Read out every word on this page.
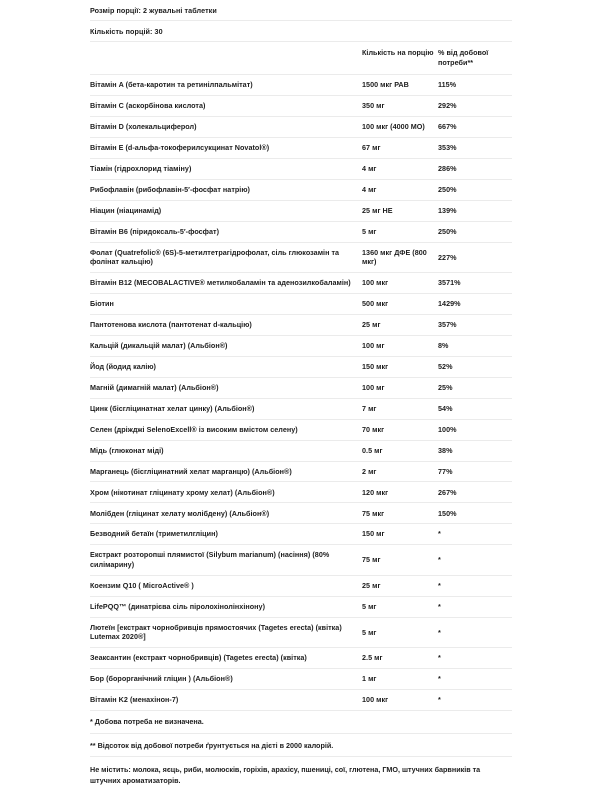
Розмір порції: 2 жувальні таблетки
Кількість порцій: 30
	Кількість на порцію	% від добової потреби**
Вітамін A (бета-каротин та ретинілпальмітат)	1500 мкг РАВ	115%
Вітамін C (аскорбінова кислота)	350 мг	292%
Вітамін D (холекальциферол)	100 мкг (4000 МО)	667%
Вітамін Е (d-альфа-токоферилсукцинат Novatol®)	67 мг	353%
Тіамін (гідрохлорид тіаміну)	4 мг	286%
Рибофлавін (рибофлавін-5′-фосфат натрію)	4 мг	250%
Ніацин (ніацинамід)	25 мг НЕ	139%
Вітамін B6 (піридоксаль-5′-фосфат)	5 мг	250%
Фолат (Quatrefolic® (6S)-5-метилтетрагідрофолат, сіль глюкозамін та фолінат кальцію)	1360 мкг ДФЕ (800 мкг)	227%
Вітамін B12 (MECOBALACTIVE® метилкобаламін та аденозилкобаламін)	100 мкг	3571%
Біотин	500 мкг	1429%
Пантотенова кислота (пантотенат d-кальцію)	25 мг	357%
Кальцій (дикальцій малат) (Альбіон®)	100 мг	8%
Йод (йодид калію)	150 мкг	52%
Магній (димагній малат) (Альбіон®)	100 мг	25%
Цинк (бісгліцинатнат хелат цинку) (Альбіон®)	7 мг	54%
Селен (дріжджі SelenoExcell® із високим вмістом селену)	70 мкг	100%
Мідь (глюконат міді)	0.5 мг	38%
Марганець (бісгліцинатний хелат марганцю) (Альбіон®)	2 мг	77%
Хром (нікотинат гліцинату хрому хелат) (Альбіон®)	120 мкг	267%
Молібден (гліцинат хелату молібдену) (Альбіон®)	75 мкг	150%
Безводний бетаїн (триметилгліцин)	150 мг	*
Екстракт розторопші плямистої (Silybum marianum) (насіння) (80% силімарину)	75 мг	*
Коензим Q10 ( MicroActive® )	25 мг	*
LifePQQ™ (динатрієва сіль піролохінолінхінону)	5 мг	*
Лютеїн [екстракт чорнобривців прямостоячих (Tagetes erecta) (квітка) Lutemax 2020®]	5 мг	*
Зеаксантин (екстракт чорнобривців) (Tagetes erecta) (квітка)	2.5 мг	*
Бор (борорганічний гліцин ) (Альбіон®)	1 мг	*
Вітамін K2 (менахінон-7)	100 мкг	*
* Добова потреба не визначена.
** Відсоток від добової потреби ґрунтується на дієті в 2000 калорій.
Не містить: молока, яєць, риби, молюсків, горіхів, арахісу, пшениці, сої, глютена, ГМО, штучних барвників та штучних ароматизаторів.
